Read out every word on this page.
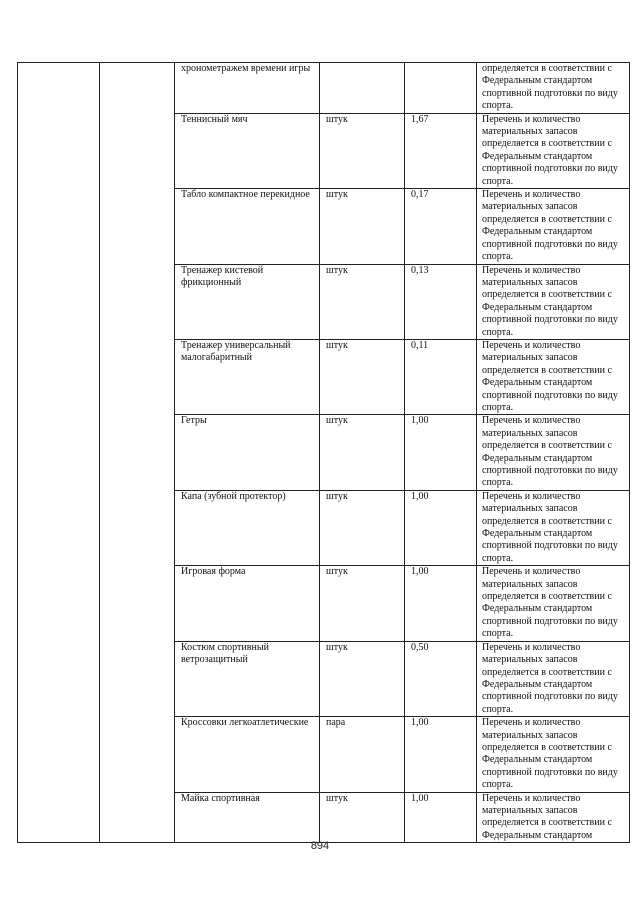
		хронометражем времени игры			определяется в соответствии с Федеральным стандартом спортивной подготовки по виду спорта.
		Теннисный мяч	штук	1,67	Перечень и количество материальных запасов определяется в соответствии с Федеральным стандартом спортивной подготовки по виду спорта.
		Табло компактное перекидное	штук	0,17	Перечень и количество материальных запасов определяется в соответствии с Федеральным стандартом спортивной подготовки по виду спорта.
		Тренажер кистевой фрикционный	штук	0,13	Перечень и количество материальных запасов определяется в соответствии с Федеральным стандартом спортивной подготовки по виду спорта.
		Тренажер универсальный малогабаритный	штук	0,11	Перечень и количество материальных запасов определяется в соответствии с Федеральным стандартом спортивной подготовки по виду спорта.
		Гетры	штук	1,00	Перечень и количество материальных запасов определяется в соответствии с Федеральным стандартом спортивной подготовки по виду спорта.
		Капа (зубной протектор)	штук	1,00	Перечень и количество материальных запасов определяется в соответствии с Федеральным стандартом спортивной подготовки по виду спорта.
		Игровая форма	штук	1,00	Перечень и количество материальных запасов определяется в соответствии с Федеральным стандартом спортивной подготовки по виду спорта.
		Костюм спортивный ветрозащитный	штук	0,50	Перечень и количество материальных запасов определяется в соответствии с Федеральным стандартом спортивной подготовки по виду спорта.
		Кроссовки легкоатлетические	пара	1,00	Перечень и количество материальных запасов определяется в соответствии с Федеральным стандартом спортивной подготовки по виду спорта.
		Майка спортивная	штук	1,00	Перечень и количество материальных запасов определяется в соответствии с Федеральным стандартом
894
